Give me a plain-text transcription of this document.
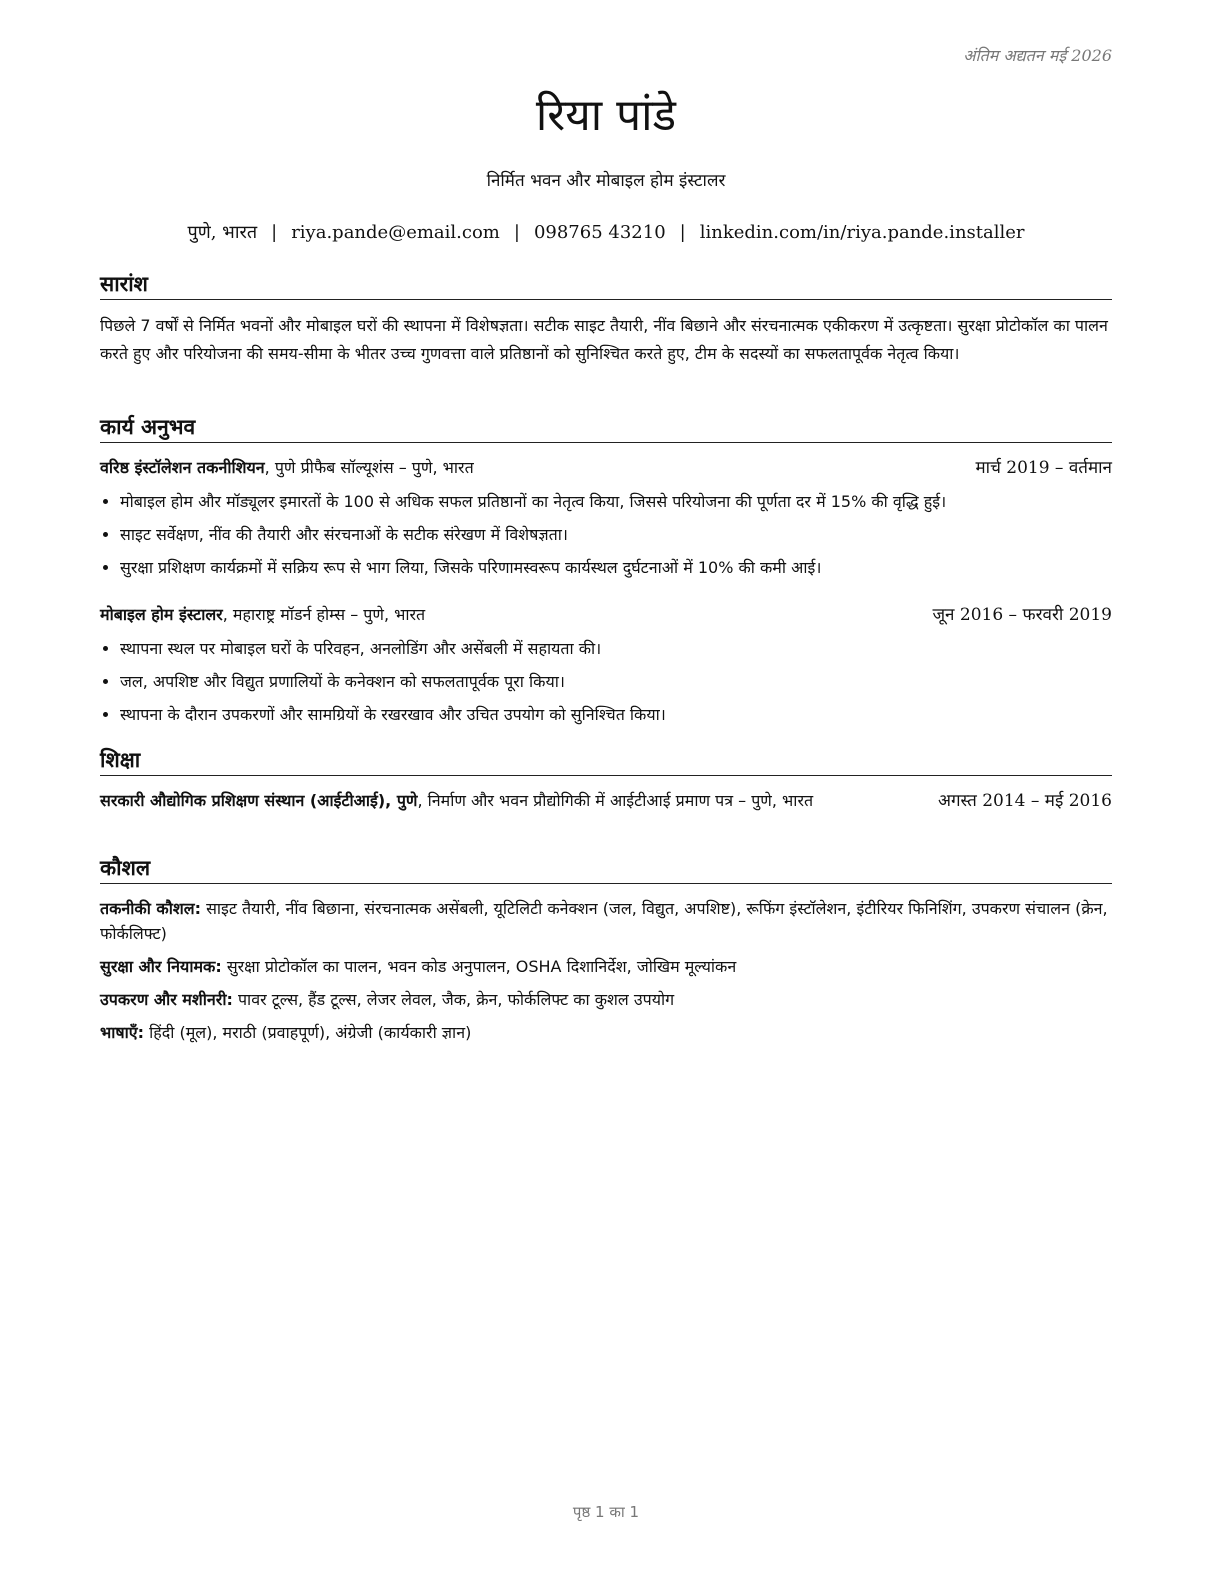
अंतिम अद्यतन मई 2026
रिया पांडे
निर्मित भवन और मोबाइल होम इंस्टालर
पुणे, भारत | riya.pande@email.com | 098765 43210 | linkedin.com/in/riya.pande.installer
सारांश

पिछले 7 वर्षों से निर्मित भवनों और मोबाइल घरों की स्थापना में विशेषज्ञता। सटीक साइट तैयारी, नींव बिछाने और संरचनात्मक एकीकरण में उत्कृष्टता। सुरक्षा प्रोटोकॉल का पालन करते हुए और परियोजना की समय-सीमा के भीतर उच्च गुणवत्ता वाले प्रतिष्ठानों को सुनिश्चित करते हुए, टीम के सदस्यों का सफलतापूर्वक नेतृत्व किया।

कार्य अनुभव
वरिष्ठ इंस्टॉलेशन तकनीशियन, पुणे प्रीफैब सॉल्यूशंस – पुणे, भारत	मार्च 2019 – वर्तमान
• मोबाइल होम और मॉड्यूलर इमारतों के 100 से अधिक सफल प्रतिष्ठानों का नेतृत्व किया, जिससे परियोजना की पूर्णता दर में 15% की वृद्धि हुई।
• साइट सर्वेक्षण, नींव की तैयारी और संरचनाओं के सटीक संरेखण में विशेषज्ञता।
• सुरक्षा प्रशिक्षण कार्यक्रमों में सक्रिय रूप से भाग लिया, जिसके परिणामस्वरूप कार्यस्थल दुर्घटनाओं में 10% की कमी आई।
मोबाइल होम इंस्टालर, महाराष्ट्र मॉडर्न होम्स – पुणे, भारत	जून 2016 – फरवरी 2019
• स्थापना स्थल पर मोबाइल घरों के परिवहन, अनलोडिंग और असेंबली में सहायता की।
• जल, अपशिष्ट और विद्युत प्रणालियों के कनेक्शन को सफलतापूर्वक पूरा किया।
• स्थापना के दौरान उपकरणों और सामग्रियों के रखरखाव और उचित उपयोग को सुनिश्चित किया।
शिक्षा
सरकारी औद्योगिक प्रशिक्षण संस्थान (आईटीआई), पुणे, निर्माण और भवन प्रौद्योगिकी में आईटीआई प्रमाण पत्र – पुणे, भारत	अगस्त 2014 – मई 2016
कौशल

तकनीकी कौशल: साइट तैयारी, नींव बिछाना, संरचनात्मक असेंबली, यूटिलिटी कनेक्शन (जल, विद्युत, अपशिष्ट), रूफिंग इंस्टॉलेशन, इंटीरियर फिनिशिंग, उपकरण संचालन (क्रेन, फोर्कलिफ्ट)

सुरक्षा और नियामक: सुरक्षा प्रोटोकॉल का पालन, भवन कोड अनुपालन, OSHA दिशानिर्देश, जोखिम मूल्यांकन

उपकरण और मशीनरी: पावर टूल्स, हैंड टूल्स, लेजर लेवल, जैक, क्रेन, फोर्कलिफ्ट का कुशल उपयोग

भाषाएँ: हिंदी (मूल), मराठी (प्रवाहपूर्ण), अंग्रेजी (कार्यकारी ज्ञान)

पृष्ठ 1 का 1
